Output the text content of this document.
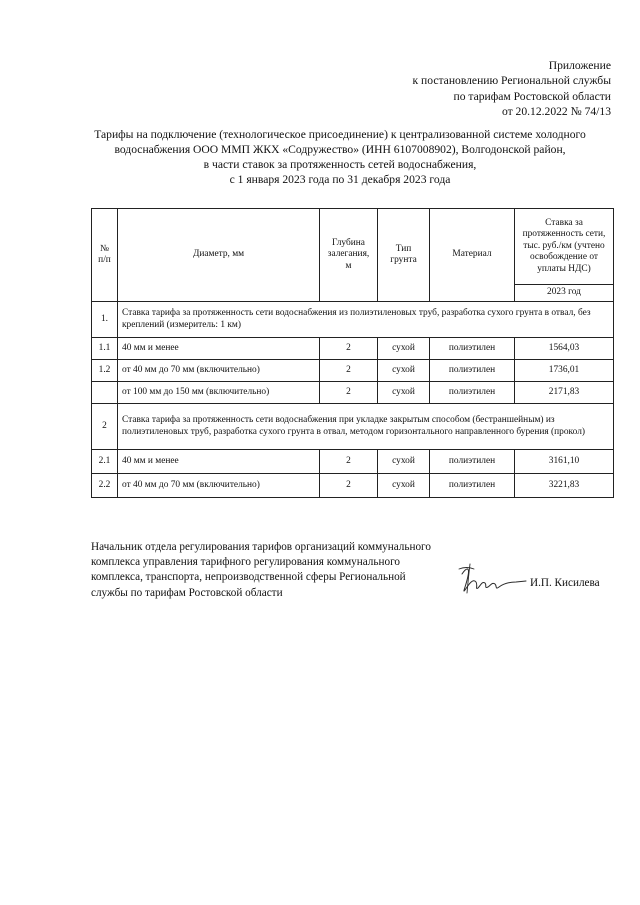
Приложение
к постановлению Региональной службы
по тарифам Ростовской области
от 20.12.2022 № 74/13
Тарифы на подключение (технологическое присоединение) к централизованной системе холодного
водоснабжения ООО ММП ЖКХ «Содружество» (ИНН 6107008902), Волгодонской район,
в части ставок за протяженность сетей водоснабжения,
с 1 января 2023 года по 31 декабря 2023 года
№ п/п	Диаметр, мм	Глубина залегания, м	Тип грунта	Материал	Ставка за протяженность сети, тыс. руб./км (учтено освобождение от уплаты НДС)
					2023 год
1.	Ставка тарифа за протяженность сети водоснабжения из полиэтиленовых труб, разработка сухого грунта в отвал, без креплений (измеритель: 1 км)				
1.1	40 мм и менее	2	сухой	полиэтилен	1564,03
1.2	от 40 мм до 70 мм (включительно)	2	сухой	полиэтилен	1736,01
	от 100 мм до 150 мм (включительно)	2	сухой	полиэтилен	2171,83
2	Ставка тарифа за протяженность сети водоснабжения при укладке закрытым способом (бестраншейным) из полиэтиленовых труб, разработка сухого грунта в отвал, методом горизонтального направленного бурения (прокол)				
2.1	40 мм и менее	2	сухой	полиэтилен	3161,10
2.2	от 40 мм до 70 мм (включительно)	2	сухой	полиэтилен	3221,83
Начальник отдела регулирования тарифов организаций коммунального
комплекса управления тарифного регулирования коммунального
комплекса, транспорта, непроизводственной сферы Региональной
службы по тарифам Ростовской области
И.П. Кисилева
